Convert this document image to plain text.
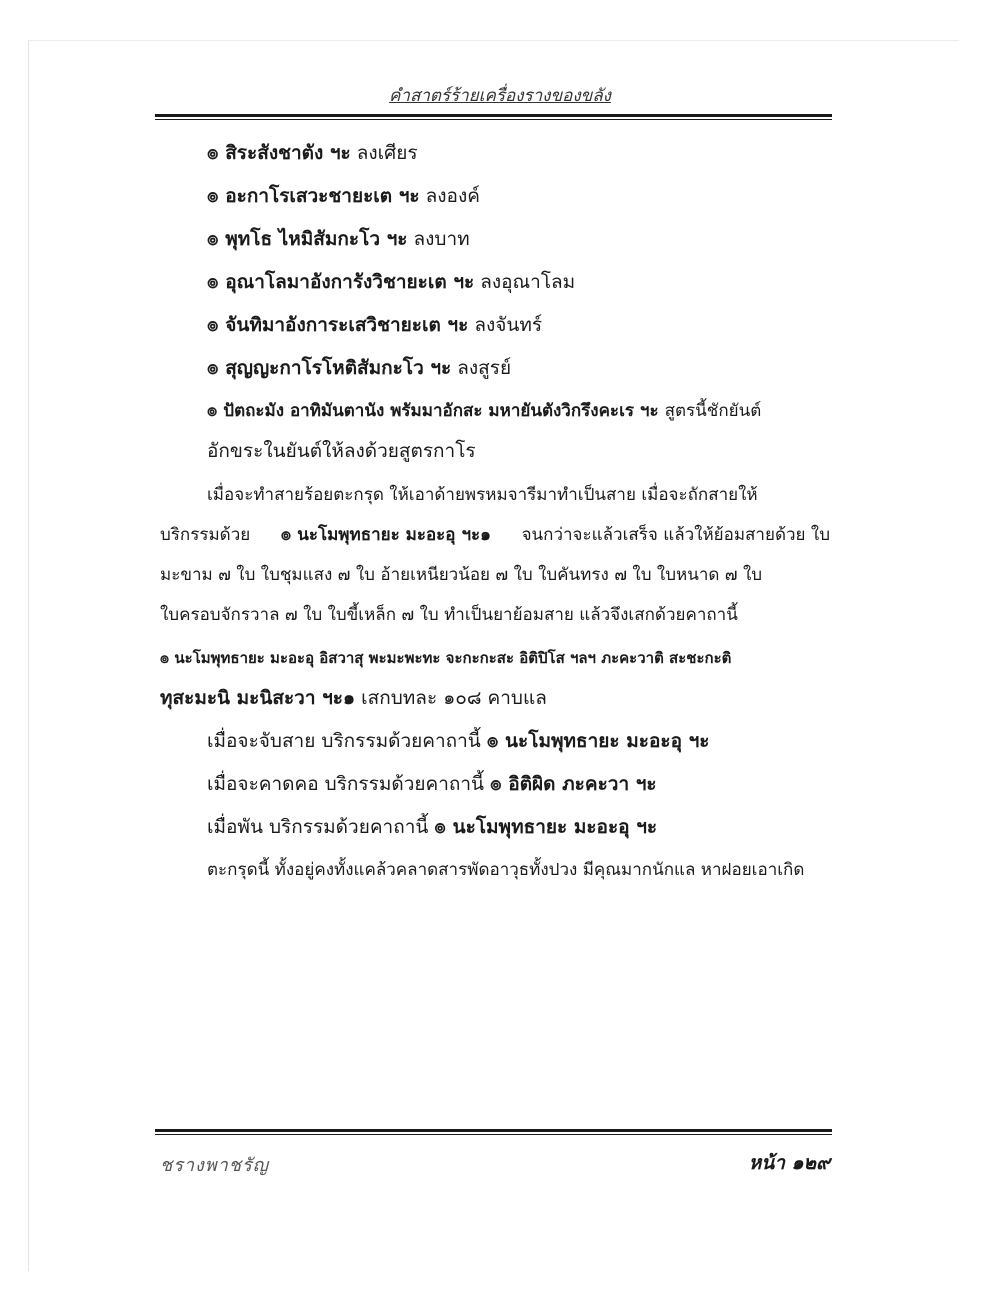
คำสาตร์ร้ายเครื่องรางของขลัง
๏ สิระสังชาตัง ฯะ ลงเศียร
๏ อะกาโรเสวะชายะเต ฯะ ลงองค์
๏ พุทโธ ไหมิสัมกะโว ฯะ ลงบาท
๏ อุณาโลมาอังการังวิชายะเต ฯะ ลงอุณาโลม
๏ จันทิมาอังการะเสวิชายะเต ฯะ ลงจันทร์
๏ สุญญะกาโรโหติสัมกะโว ฯะ ลงสูรย์
๏ ปัตถะมัง อาทิมันตานัง พรัมมาอักสะ มหายันตังวิกรึงคะเร ฯะ สูตรนี้ชักยันต์
อักขระในยันต์ให้ลงด้วยสูตรกาโร
เมื่อจะทำสายร้อยตะกรุด ให้เอาด้ายพรหมจารีมาทำเป็นสาย เมื่อจะถักสายให้
บริกรรมด้วย ๏ นะโมพุทธายะ มะอะอุ ฯะ๑ จนกว่าจะแล้วเสร็จ แล้วให้ย้อมสายด้วย ใบ
มะขาม ๗ ใบ ใบชุมแสง ๗ ใบ อ้ายเหนียวน้อย ๗ ใบ ใบคันทรง ๗ ใบ ใบหนาด ๗ ใบ
ใบครอบจักรวาล ๗ ใบ ใบขี้เหล็ก ๗ ใบ ทำเป็นยาย้อมสาย แล้วจึงเสกด้วยคาถานี้
๏ นะโมพุทธายะ มะอะอุ อิสวาสุ พะมะพะทะ จะกะกะสะ อิติปิโส ฯลฯ ภะคะวาติ สะชะกะติ
ทุสะมะนิ มะนิสะวา ฯะ๑ เสกบทละ ๑๐๘ คาบแล
เมื่อจะจับสาย บริกรรมด้วยคาถานี้ ๏ นะโมพุทธายะ มะอะอุ ฯะ
เมื่อจะคาดคอ บริกรรมด้วยคาถานี้ ๏ อิติผิด ภะคะวา ฯะ
เมื่อพัน บริกรรมด้วยคาถานี้ ๏ นะโมพุทธายะ มะอะอุ ฯะ
ตะกรุดนี้ ทั้งอยู่คงทั้งแคล้วคลาดสารพัดอาวุธทั้งปวง มีคุณมากนักแล หาฝอยเอาเกิด
ชรางพาชรัญ	หน้า ๑๒๙
